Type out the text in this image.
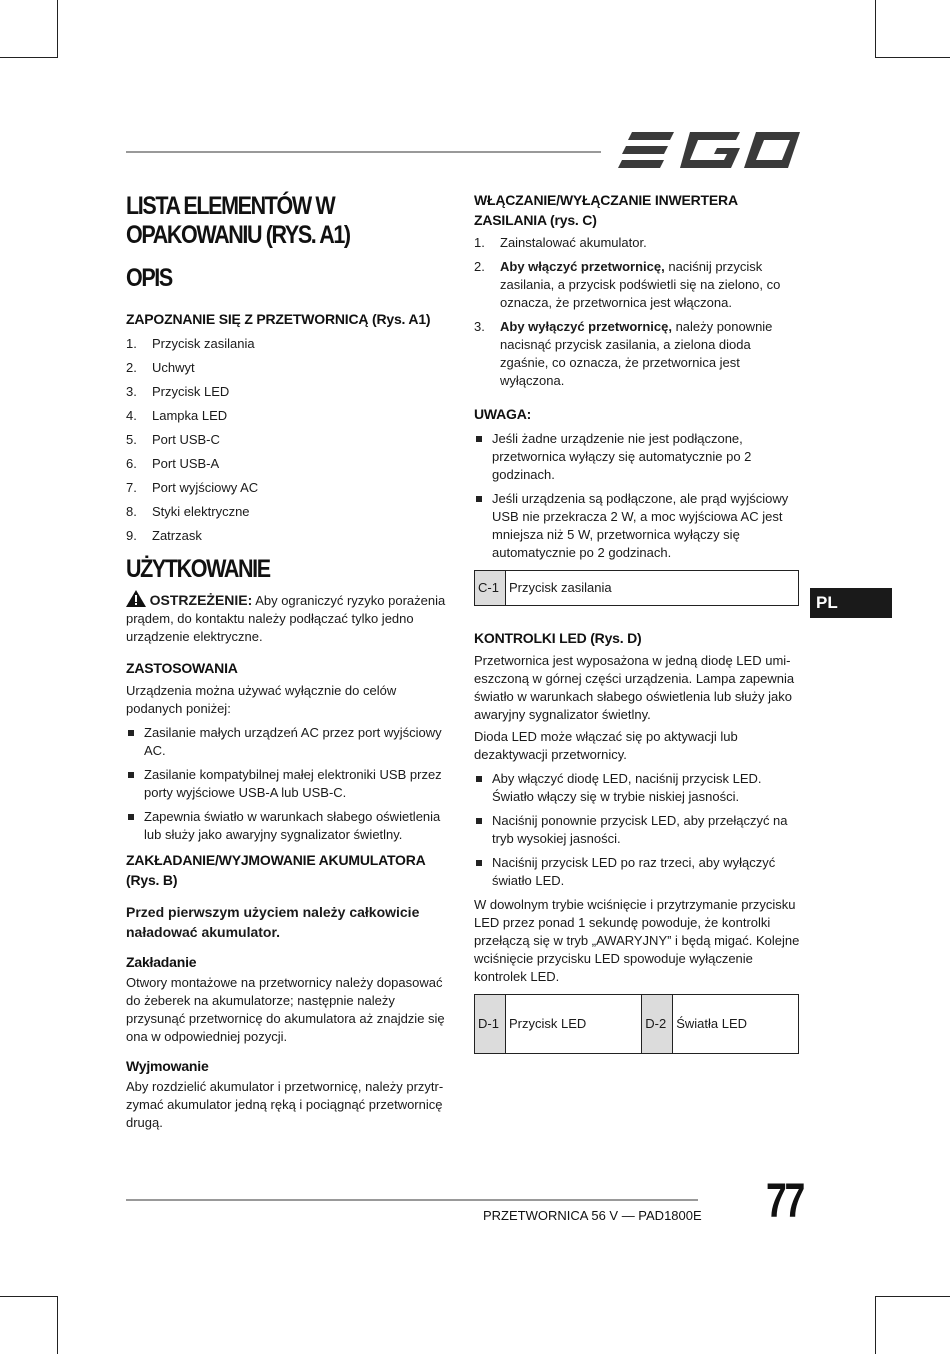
LISTA ELEMENTÓW W OPAKOWANIU (RYS. A1)
OPIS
ZAPOZNANIE SIĘ Z PRZETWORNICĄ (Rys. A1)
1.	Przycisk zasilania
2.	Uchwyt
3.	Przycisk LED
4.	Lampka LED
5.	Port USB-C
6.	Port USB-A
7.	Port wyjściowy AC
8.	Styki elektryczne
9.	Zatrzask
UŻYTKOWANIE

OSTRZEŻENIE: Aby ograniczyć ryzyko porażenia prądem, do kontaktu należy podłączać tylko jedno urządzenie elektryczne.

ZASTOSOWANIA

Urządzenia można używać wyłącznie do celów podanych poniżej:

Zasilanie małych urządzeń AC przez port wyjściowy AC.
Zasilanie kompatybilnej małej elektroniki USB przez porty wyjściowe USB-A lub USB-C.
Zapewnia światło w warunkach słabego oświetlenia lub służy jako awaryjny sygnalizator świetlny.
ZAKŁADANIE/WYJMOWANIE AKUMULATORA (Rys. B)

Przed pierwszym użyciem należy całkowicie naładować akumulator.

Zakładanie

Otwory montażowe na przetwornicy należy dopasować do żeberek na akumulatorze; następnie należy przysunąć przetwornicę do akumulatora aż znajdzie się ona w odpowiedniej pozycji.

Wyjmowanie

Aby rozdzielić akumulator i przetwornicę, należy przytrzymać akumulator jedną ręką i pociągnąć przetwornicę drugą.

WŁĄCZANIE/WYŁĄCZANIE INWERTERA ZASILANIA (rys. C)
1.	Zainstalować akumulator.
2.	Aby włączyć przetwornicę, naciśnij przycisk zasilania, a przycisk podświetli się na zielono, co oznacza, że przetwornica jest włączona.
3.	Aby wyłączyć przetwornicę, należy ponownie nacisnąć przycisk zasilania, a zielona dioda zgaśnie, co oznacza, że przetwornica jest wyłączona.
UWAGA:
Jeśli żadne urządzenie nie jest podłączone, przetwornica wyłączy się automatycznie po 2 godzinach.
Jeśli urządzenia są podłączone, ale prąd wyjściowy USB nie przekracza 2 W, a moc wyjściowa AC jest mniejsza niż 5 W, przetwornica wyłączy się automatycznie po 2 godzinach.
C-1	Przycisk zasilania
KONTROLKI LED (Rys. D)

Przetwornica jest wyposażona w jedną diodę LED umieszczoną w górnej części urządzenia. Lampa zapewnia światło w warunkach słabego oświetlenia lub służy jako awaryjny sygnalizator świetlny.

Dioda LED może włączać się po aktywacji lub dezaktywacji przetwornicy.

Aby włączyć diodę LED, naciśnij przycisk LED. Światło włączy się w trybie niskiej jasności.
Naciśnij ponownie przycisk LED, aby przełączyć na tryb wysokiej jasności.
Naciśnij przycisk LED po raz trzeci, aby wyłączyć światło LED.

W dowolnym trybie wciśnięcie i przytrzymanie przycisku LED przez ponad 1 sekundę powoduje, że kontrolki przełączą się w tryb „AWARYJNY” i będą migać. Kolejne wciśnięcie przycisku LED spowoduje wyłączenie kontrolek LED.

D-1	Przycisk LED	D-2	Światła LED
PL
PRZETWORNICA 56 V — PAD1800E 77
